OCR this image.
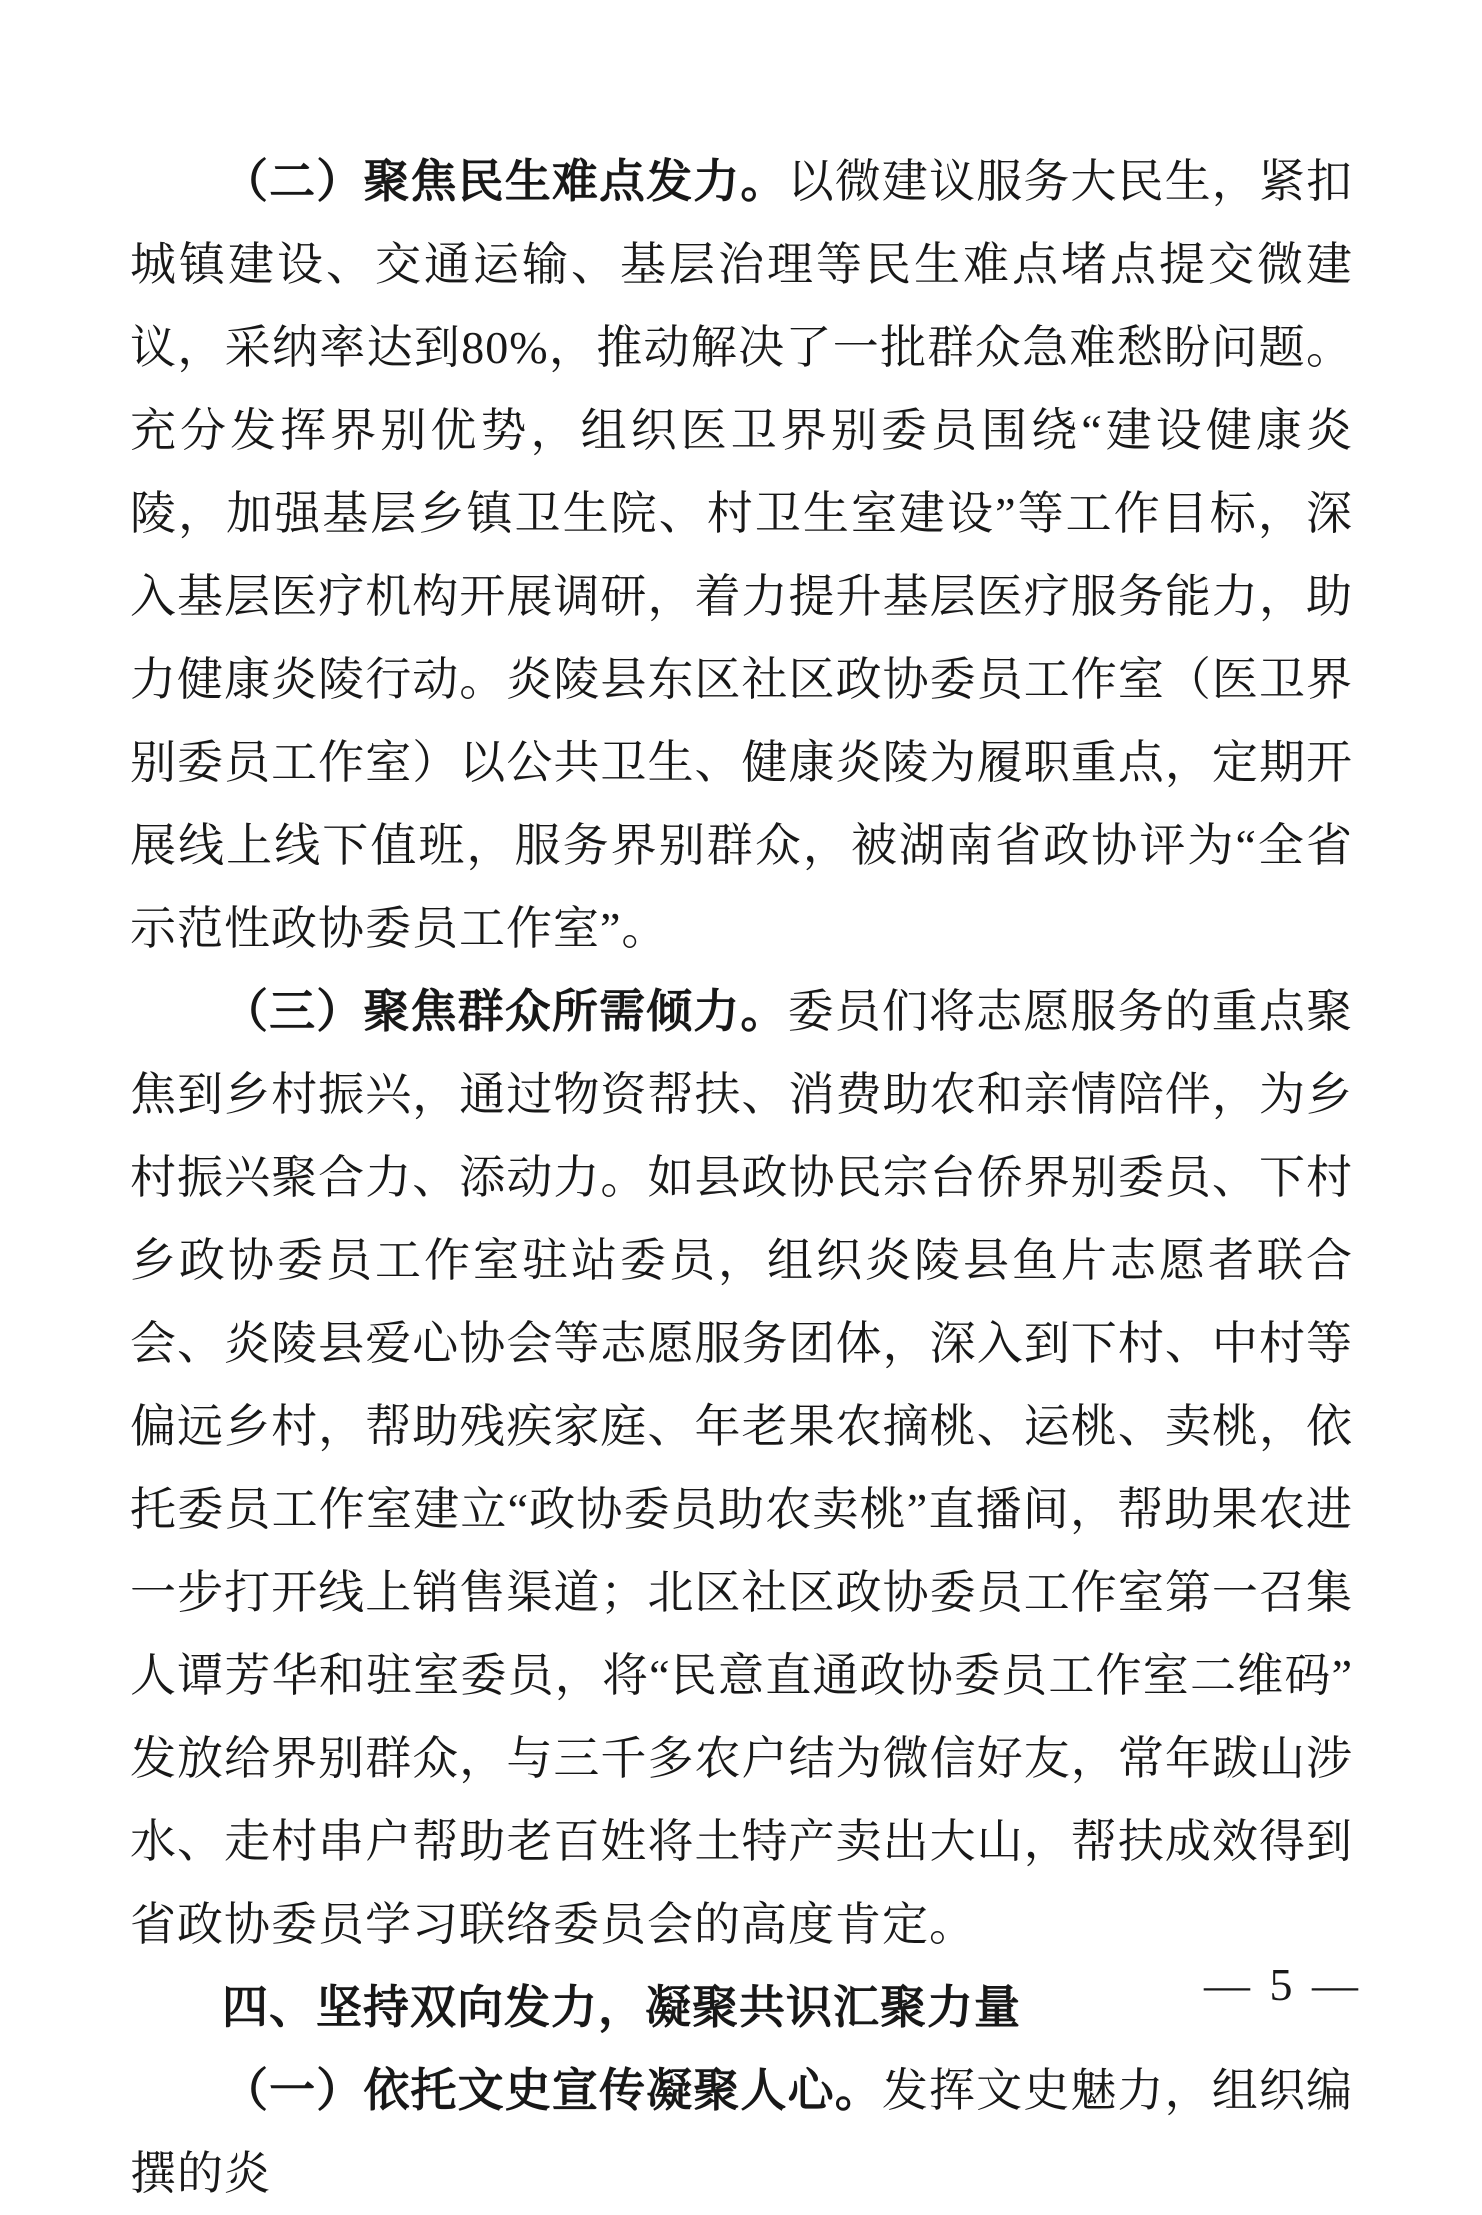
（二）聚焦民生难点发力。以微建议服务大民生，紧扣城镇建设、交通运输、基层治理等民生难点堵点提交微建议，采纳率达到80%，推动解决了一批群众急难愁盼问题。充分发挥界别优势，组织医卫界别委员围绕“建设健康炎陵，加强基层乡镇卫生院、村卫生室建设”等工作目标，深入基层医疗机构开展调研，着力提升基层医疗服务能力，助力健康炎陵行动。炎陵县东区社区政协委员工作室（医卫界别委员工作室）以公共卫生、健康炎陵为履职重点，定期开展线上线下值班，服务界别群众，被湖南省政协评为“全省示范性政协委员工作室”。

（三）聚焦群众所需倾力。委员们将志愿服务的重点聚焦到乡村振兴，通过物资帮扶、消费助农和亲情陪伴，为乡村振兴聚合力、添动力。如县政协民宗台侨界别委员、下村乡政协委员工作室驻站委员，组织炎陵县鱼片志愿者联合会、炎陵县爱心协会等志愿服务团体，深入到下村、中村等偏远乡村，帮助残疾家庭、年老果农摘桃、运桃、卖桃，依托委员工作室建立“政协委员助农卖桃”直播间，帮助果农进一步打开线上销售渠道；北区社区政协委员工作室第一召集人谭芳华和驻室委员，将“民意直通政协委员工作室二维码”发放给界别群众，与三千多农户结为微信好友，常年跋山涉水、走村串户帮助老百姓将土特产卖出大山，帮扶成效得到省政协委员学习联络委员会的高度肯定。

四、坚持双向发力，凝聚共识汇聚力量

（一）依托文史宣传凝聚人心。发挥文史魅力，组织编撰的炎

— 5 —
